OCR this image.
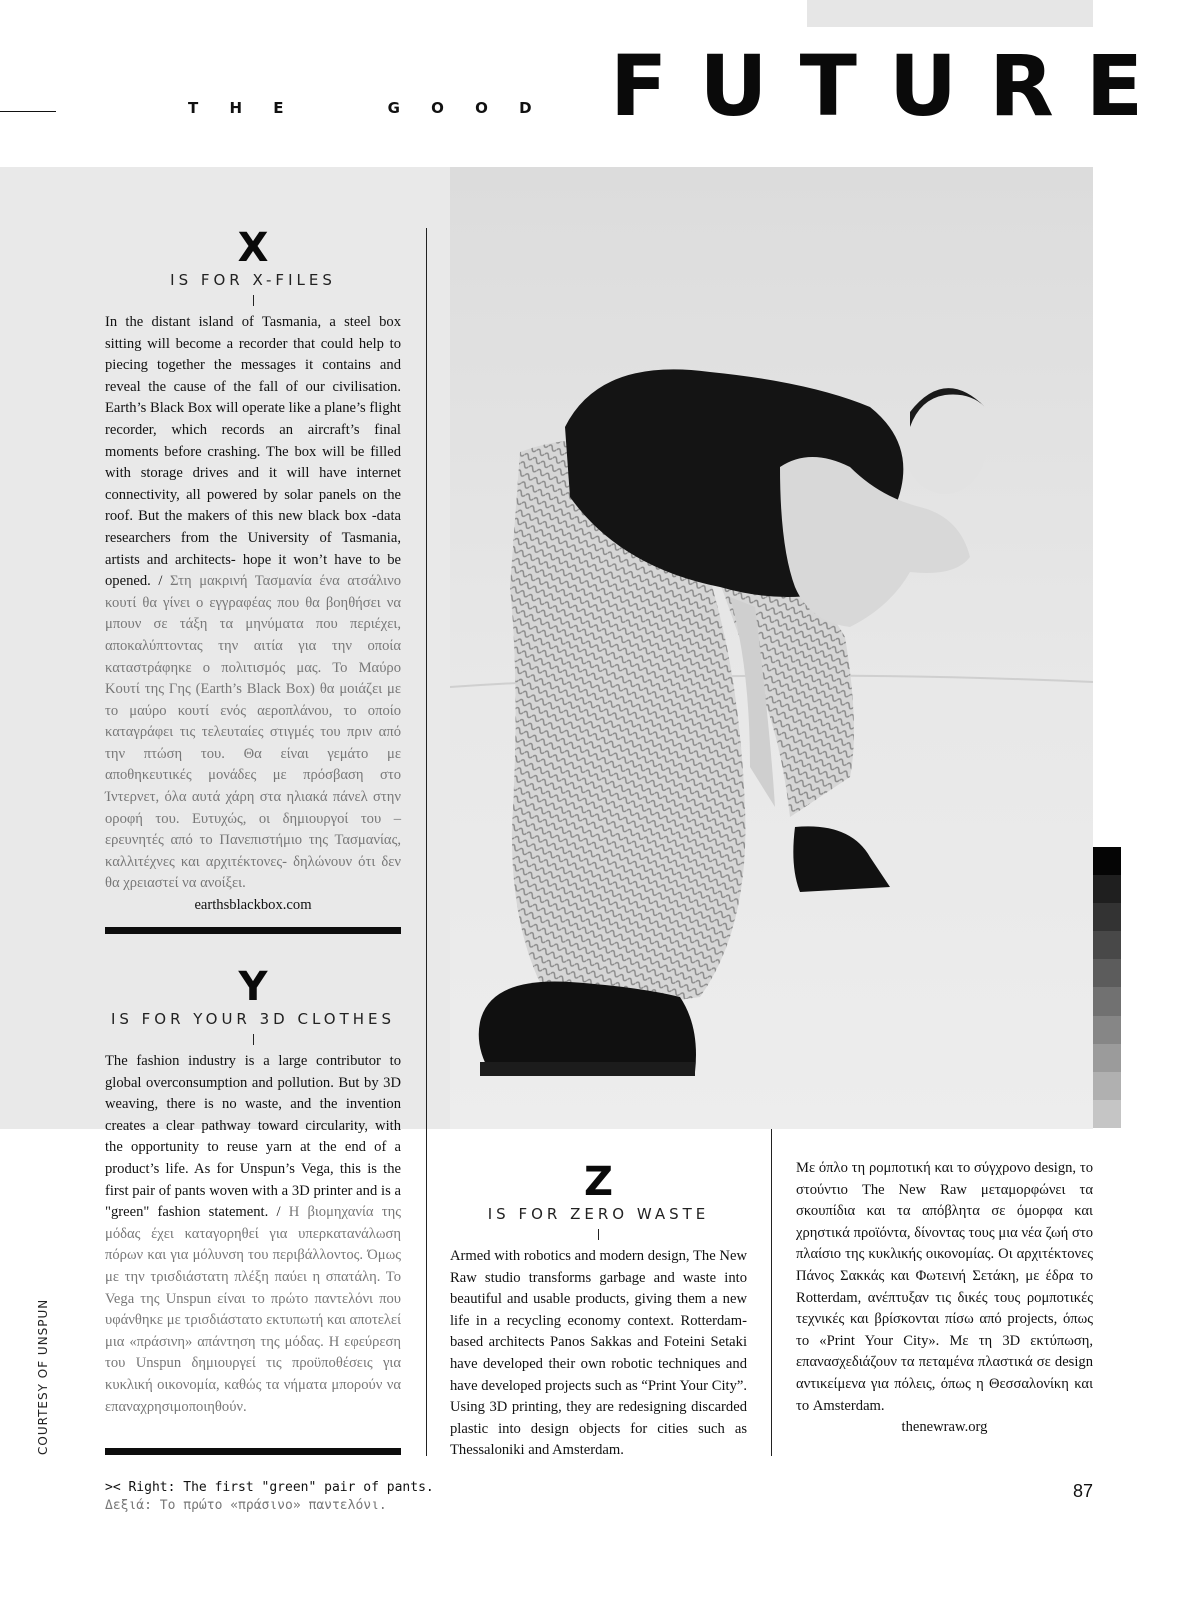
T H E     G O O D FUTURE
X
IS FOR X-FILES
In the distant island of Tasmania, a steel box sitting will become a recorder that could help to piecing together the messages it contains and reveal the cause of the fall of our civilisation. Earth’s Black Box will operate like a plane’s flight recorder, which records an aircraft’s final moments before crashing. The box will be filled with storage drives and it will have internet connectivity, all powered by solar panels on the roof. But the makers of this new black box -data researchers from the University of Tasmania, artists and architects- hope it won’t have to be opened. / Στη μακρινή Τασμανία ένα ατσάλινο κουτί θα γίνει ο εγγραφέας που θα βοηθήσει να μπουν σε τάξη τα μηνύματα που περιέχει, αποκαλύπτοντας την αιτία για την οποία καταστράφηκε ο πολιτισμός μας. Το Μαύρο Κουτί της Γης (Earth’s Black Box) θα μοιάζει με το μαύρο κουτί ενός αεροπλάνου, το οποίο καταγράφει τις τελευταίες στιγμές του πριν από την πτώση του. Θα είναι γεμάτο με αποθηκευτικές μονάδες με πρόσβαση στο Ίντερνετ, όλα αυτά χάρη στα ηλιακά πάνελ στην οροφή του. Ευτυχώς, οι δημιουργοί του –ερευνητές από το Πανεπιστήμιο της Τασμανίας, καλλιτέχνες και αρχιτέκτονες- δηλώνουν ότι δεν θα χρειαστεί να ανοίξει.
earthsblackbox.com
Y
IS FOR YOUR 3D CLOTHES
The fashion industry is a large contributor to global overconsumption and pollution. But by 3D weaving, there is no waste, and the invention creates a clear pathway toward circularity, with the opportunity to reuse yarn at the end of a product’s life. As for Unspun’s Vega, this is the first pair of pants woven with a 3D printer and is a "green" fashion statement. / Η βιομηχανία της μόδας έχει καταγορηθεί για υπερκατανάλωση πόρων και για μόλυνση του περιβάλλοντος. Όμως με την τρισδιάστατη πλέξη παύει η σπατάλη. Το Vega της Unspun είναι το πρώτο παντελόνι που υφάνθηκε με τρισδιάστατο εκτυπωτή και αποτελεί μια «πράσινη» απάντηση της μόδας. Η εφεύρεση του Unspun δημιουργεί τις προϋποθέσεις για κυκλική οικονομία, καθώς τα νήματα μπορούν να επαναχρησιμοποιηθούν.
Z
IS FOR ZERO WASTE
Armed with robotics and modern design, The New Raw studio transforms garbage and waste into beautiful and usable products, giving them a new life in a recycling economy context. Rotterdam-based architects Panos Sakkas and Foteini Setaki have developed their own robotic techniques and have developed projects such as “Print Your City”. Using 3D printing, they are redesigning discarded plastic into design objects for cities such as Thessaloniki and Amsterdam.
Με όπλο τη ρομποτική και το σύγχρονο design, το στούντιο The New Raw μεταμορφώνει τα σκουπίδια και τα απόβλητα σε όμορφα και χρηστικά προϊόντα, δίνοντας τους μια νέα ζωή στο πλαίσιο της κυκλικής οικονομίας. Οι αρχιτέκτονες Πάνος Σακκάς και Φωτεινή Σετάκη, με έδρα το Rotterdam, ανέπτυξαν τις δικές τους ρομποτικές τεχνικές και βρίσκονται πίσω από projects, όπως το «Print Your City». Με τη 3D εκτύπωση, επανασχεδιάζουν τα πεταμένα πλαστικά σε design αντικείμενα για πόλεις, όπως η Θεσσαλονίκη και το Amsterdam.
thenewraw.org
COURTESY OF UNSPUN
>< Right: The first "green" pair of pants.
Δεξιά: Το πρώτο «πράσινο» παντελόνι.
87
